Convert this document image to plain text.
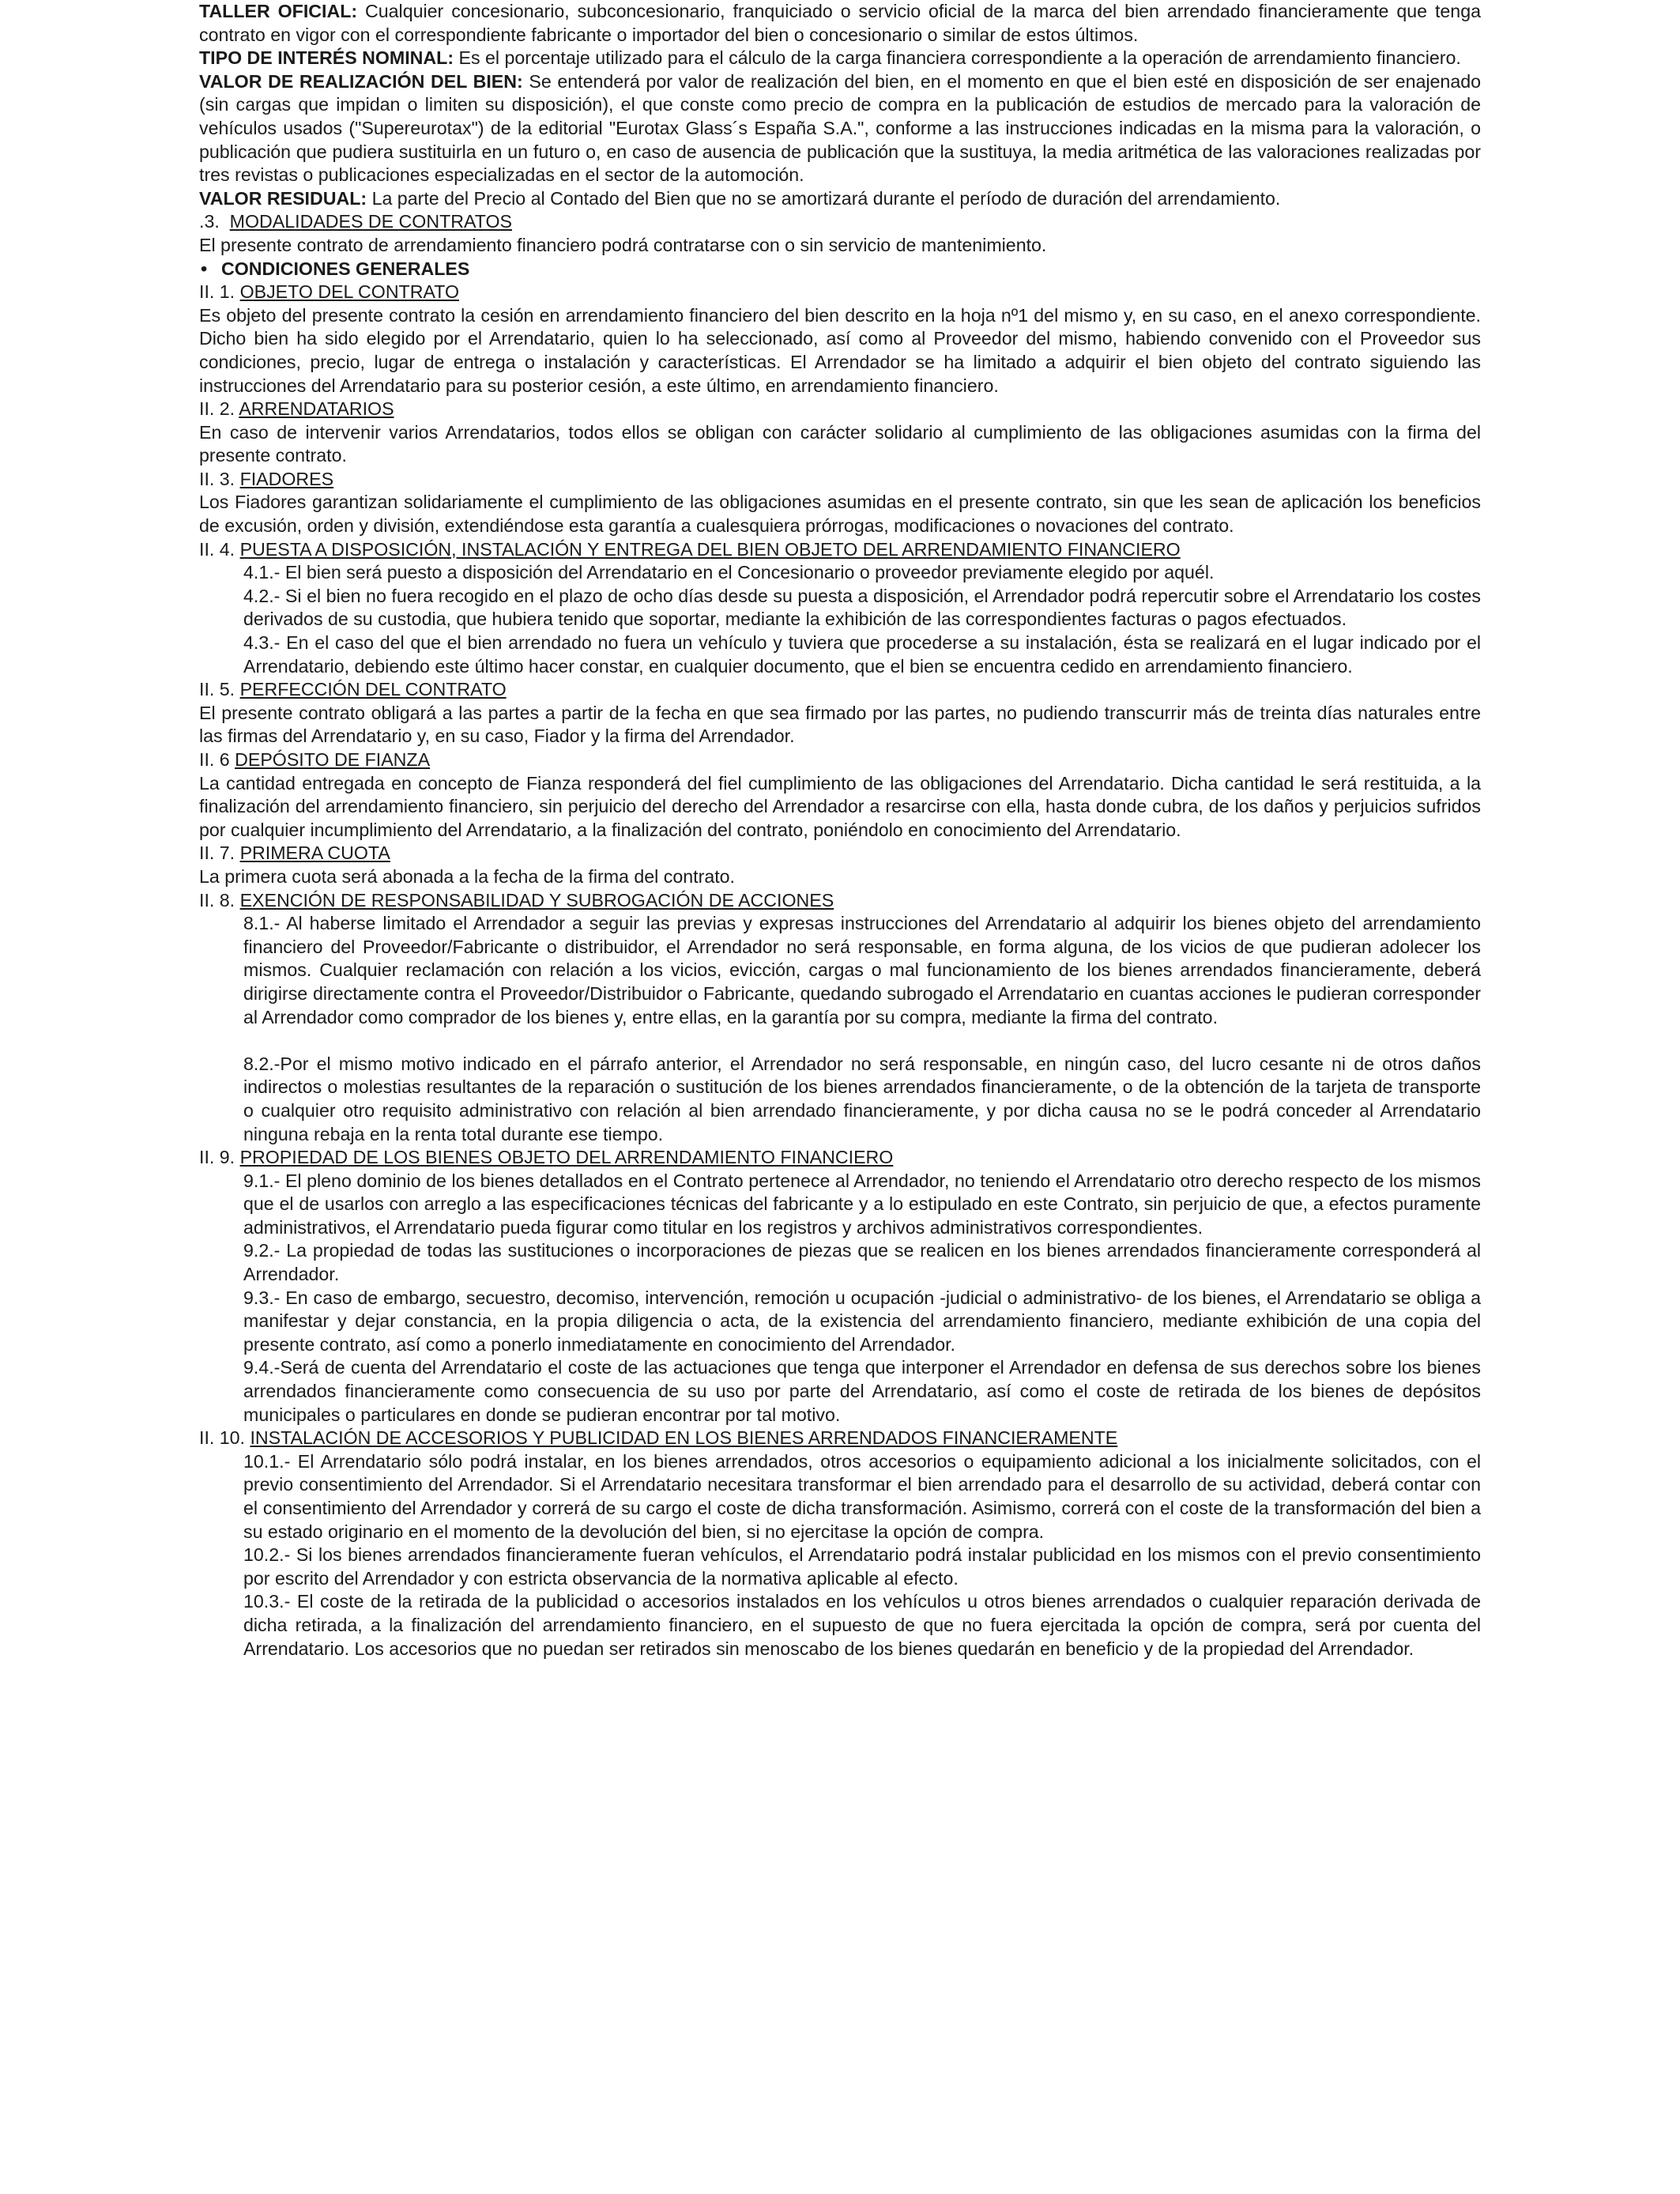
TALLER OFICIAL: Cualquier concesionario, subconcesionario, franquiciado o servicio oficial de la marca del bien arrendado financieramente que tenga contrato en vigor con el correspondiente fabricante o importador del bien o concesionario o similar de estos últimos.

TIPO DE INTERÉS NOMINAL: Es el porcentaje utilizado para el cálculo de la carga financiera correspondiente a la operación de arrendamiento financiero.

VALOR DE REALIZACIÓN DEL BIEN: Se entenderá por valor de realización del bien, en el momento en que el bien esté en disposición de ser enajenado (sin cargas que impidan o limiten su disposición), el que conste como precio de compra en la publicación de estudios de mercado para la valoración de vehículos usados ("Supereurotax") de la editorial "Eurotax Glass´s España S.A.", conforme a las instrucciones indicadas en la misma para la valoración, o publicación que pudiera sustituirla en un futuro o, en caso de ausencia de publicación que la sustituya, la media aritmética de las valoraciones realizadas por tres revistas o publicaciones especializadas en el sector de la automoción.

VALOR RESIDUAL: La parte del Precio al Contado del Bien que no se amortizará durante el período de duración del arrendamiento.

.3. MODALIDADES DE CONTRATOS

El presente contrato de arrendamiento financiero podrá contratarse con o sin servicio de mantenimiento.

• CONDICIONES GENERALES

II. 1. OBJETO DEL CONTRATO

Es objeto del presente contrato la cesión en arrendamiento financiero del bien descrito en la hoja nº1 del mismo y, en su caso, en el anexo correspondiente. Dicho bien ha sido elegido por el Arrendatario, quien lo ha seleccionado, así como al Proveedor del mismo, habiendo convenido con el Proveedor sus condiciones, precio, lugar de entrega o instalación y características. El Arrendador se ha limitado a adquirir el bien objeto del contrato siguiendo las instrucciones del Arrendatario para su posterior cesión, a este último, en arrendamiento financiero.

II. 2. ARRENDATARIOS

En caso de intervenir varios Arrendatarios, todos ellos se obligan con carácter solidario al cumplimiento de las obligaciones asumidas con la firma del presente contrato.

II. 3. FIADORES

Los Fiadores garantizan solidariamente el cumplimiento de las obligaciones asumidas en el presente contrato, sin que les sean de aplicación los beneficios de excusión, orden y división, extendiéndose esta garantía a cualesquiera prórrogas, modificaciones o novaciones del contrato.

II. 4. PUESTA A DISPOSICIÓN, INSTALACIÓN Y ENTREGA DEL BIEN OBJETO DEL ARRENDAMIENTO FINANCIERO

4.1.- El bien será puesto a disposición del Arrendatario en el Concesionario o proveedor previamente elegido por aquél.

4.2.- Si el bien no fuera recogido en el plazo de ocho días desde su puesta a disposición, el Arrendador podrá repercutir sobre el Arrendatario los costes derivados de su custodia, que hubiera tenido que soportar, mediante la exhibición de las correspondientes facturas o pagos efectuados.

4.3.- En el caso del que el bien arrendado no fuera un vehículo y tuviera que procederse a su instalación, ésta se realizará en el lugar indicado por el Arrendatario, debiendo este último hacer constar, en cualquier documento, que el bien se encuentra cedido en arrendamiento financiero.

II. 5. PERFECCIÓN DEL CONTRATO

El presente contrato obligará a las partes a partir de la fecha en que sea firmado por las partes, no pudiendo transcurrir más de treinta días naturales entre las firmas del Arrendatario y, en su caso, Fiador y la firma del Arrendador.

II. 6 DEPÓSITO DE FIANZA

La cantidad entregada en concepto de Fianza responderá del fiel cumplimiento de las obligaciones del Arrendatario. Dicha cantidad le será restituida, a la finalización del arrendamiento financiero, sin perjuicio del derecho del Arrendador a resarcirse con ella, hasta donde cubra, de los daños y perjuicios sufridos por cualquier incumplimiento del Arrendatario, a la finalización del contrato, poniéndolo en conocimiento del Arrendatario.

II. 7. PRIMERA CUOTA

La primera cuota será abonada a la fecha de la firma del contrato.

II. 8. EXENCIÓN DE RESPONSABILIDAD Y SUBROGACIÓN DE ACCIONES

8.1.- Al haberse limitado el Arrendador a seguir las previas y expresas instrucciones del Arrendatario al adquirir los bienes objeto del arrendamiento financiero del Proveedor/Fabricante o distribuidor, el Arrendador no será responsable, en forma alguna, de los vicios de que pudieran adolecer los mismos. Cualquier reclamación con relación a los vicios, evicción, cargas o mal funcionamiento de los bienes arrendados financieramente, deberá dirigirse directamente contra el Proveedor/Distribuidor o Fabricante, quedando subrogado el Arrendatario en cuantas acciones le pudieran corresponder al Arrendador como comprador de los bienes y, entre ellas, en la garantía por su compra, mediante la firma del contrato.

8.2.-Por el mismo motivo indicado en el párrafo anterior, el Arrendador no será responsable, en ningún caso, del lucro cesante ni de otros daños indirectos o molestias resultantes de la reparación o sustitución de los bienes arrendados financieramente, o de la obtención de la tarjeta de transporte o cualquier otro requisito administrativo con relación al bien arrendado financieramente, y por dicha causa no se le podrá conceder al Arrendatario ninguna rebaja en la renta total durante ese tiempo.

II. 9. PROPIEDAD DE LOS BIENES OBJETO DEL ARRENDAMIENTO FINANCIERO

9.1.- El pleno dominio de los bienes detallados en el Contrato pertenece al Arrendador, no teniendo el Arrendatario otro derecho respecto de los mismos que el de usarlos con arreglo a las especificaciones técnicas del fabricante y a lo estipulado en este Contrato, sin perjuicio de que, a efectos puramente administrativos, el Arrendatario pueda figurar como titular en los registros y archivos administrativos correspondientes.

9.2.- La propiedad de todas las sustituciones o incorporaciones de piezas que se realicen en los bienes arrendados financieramente corresponderá al Arrendador.

9.3.- En caso de embargo, secuestro, decomiso, intervención, remoción u ocupación -judicial o administrativo- de los bienes, el Arrendatario se obliga a manifestar y dejar constancia, en la propia diligencia o acta, de la existencia del arrendamiento financiero, mediante exhibición de una copia del presente contrato, así como a ponerlo inmediatamente en conocimiento del Arrendador.

9.4.-Será de cuenta del Arrendatario el coste de las actuaciones que tenga que interponer el Arrendador en defensa de sus derechos sobre los bienes arrendados financieramente como consecuencia de su uso por parte del Arrendatario, así como el coste de retirada de los bienes de depósitos municipales o particulares en donde se pudieran encontrar por tal motivo.

II. 10. INSTALACIÓN DE ACCESORIOS Y PUBLICIDAD EN LOS BIENES ARRENDADOS FINANCIERAMENTE

10.1.- El Arrendatario sólo podrá instalar, en los bienes arrendados, otros accesorios o equipamiento adicional a los inicialmente solicitados, con el previo consentimiento del Arrendador. Si el Arrendatario necesitara transformar el bien arrendado para el desarrollo de su actividad, deberá contar con el consentimiento del Arrendador y correrá de su cargo el coste de dicha transformación. Asimismo, correrá con el coste de la transformación del bien a su estado originario en el momento de la devolución del bien, si no ejercitase la opción de compra.

10.2.- Si los bienes arrendados financieramente fueran vehículos, el Arrendatario podrá instalar publicidad en los mismos con el previo consentimiento por escrito del Arrendador y con estricta observancia de la normativa aplicable al efecto.

10.3.- El coste de la retirada de la publicidad o accesorios instalados en los vehículos u otros bienes arrendados o cualquier reparación derivada de dicha retirada, a la finalización del arrendamiento financiero, en el supuesto de que no fuera ejercitada la opción de compra, será por cuenta del Arrendatario. Los accesorios que no puedan ser retirados sin menoscabo de los bienes quedarán en beneficio y de la propiedad del Arrendador.
